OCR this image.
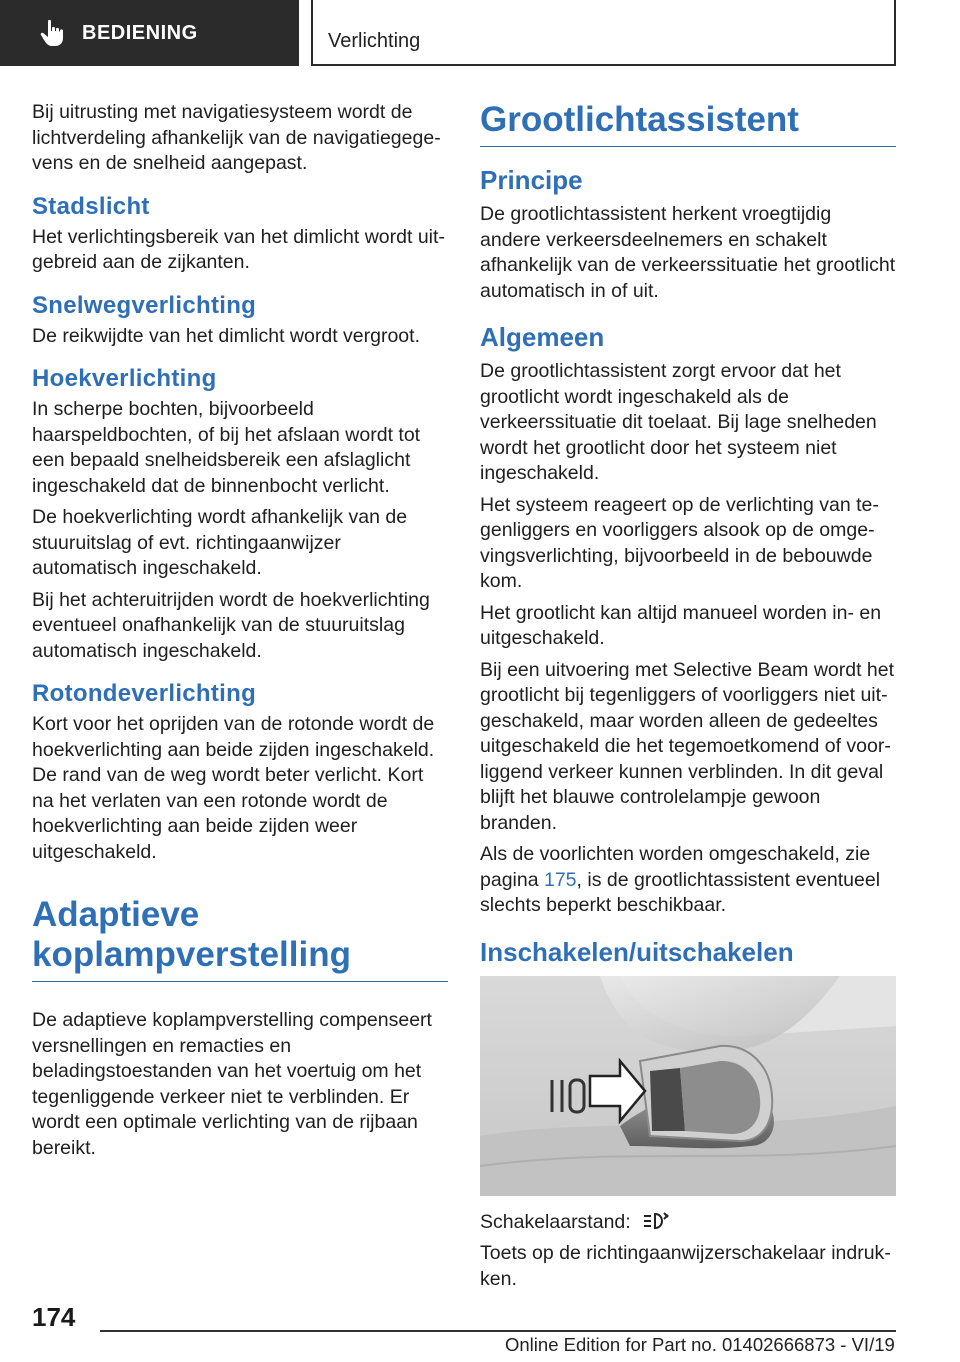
BEDIENING	Verlichting

Bij uitrusting met navigatiesysteem wordt de lichtverdeling afhankelijk van de navigatiegegevens en de snelheid aangepast.

Stadslicht

Het verlichtingsbereik van het dimlicht wordt uitgebreid aan de zijkanten.

Snelwegverlichting

De reikwijdte van het dimlicht wordt vergroot.

Hoekverlichting

In scherpe bochten, bijvoorbeeld haarspeldbochten, of bij het afslaan wordt tot een bepaald snelheidsbereik een afslaglicht ingeschakeld dat de binnenbocht verlicht.

De hoekverlichting wordt afhankelijk van de stuuruitslag of evt. richtingaanwijzer automatisch ingeschakeld.

Bij het achteruitrijden wordt de hoekverlichting eventueel onafhankelijk van de stuuruitslag automatisch ingeschakeld.

Rotondeverlichting

Kort voor het oprijden van de rotonde wordt de hoekverlichting aan beide zijden ingeschakeld. De rand van de weg wordt beter verlicht. Kort na het verlaten van een rotonde wordt de hoekverlichting aan beide zijden weer uitgeschakeld.

Adaptieve koplampverstelling

De adaptieve koplampverstelling compenseert versnellingen en remacties en beladingstoestanden van het voertuig om het tegenliggende verkeer niet te verblinden. Er wordt een optimale verlichting van de rijbaan bereikt.

Grootlichtassistent
Principe

De grootlichtassistent herkent vroegtijdig andere verkeersdeelnemers en schakelt afhankelijk van de verkeerssituatie het grootlicht automatisch in of uit.

Algemeen

De grootlichtassistent zorgt ervoor dat het grootlicht wordt ingeschakeld als de verkeerssituatie dit toelaat. Bij lage snelheden wordt het grootlicht door het systeem niet ingeschakeld.

Het systeem reageert op de verlichting van tegenliggers en voorliggers alsook op de omgevingsverlichting, bijvoorbeeld in de bebouwde kom.

Het grootlicht kan altijd manueel worden in- en uitgeschakeld.

Bij een uitvoering met Selective Beam wordt het grootlicht bij tegenliggers of voorliggers niet uitgeschakeld, maar worden alleen de gedeeltes uitgeschakeld die het tegemoetkomend of voorliggend verkeer kunnen verblinden. In dit geval blijft het blauwe controlelampje gewoon branden.

Als de voorlichten worden omgeschakeld, zie pagina 175, is de grootlichtassistent eventueel slechts beperkt beschikbaar.

Inschakelen/uitschakelen

Schakelaarstand:

Toets op de richtingaanwijzerschakelaar indrukken.

174
Online Edition for Part no. 01402666873 - VI/19
